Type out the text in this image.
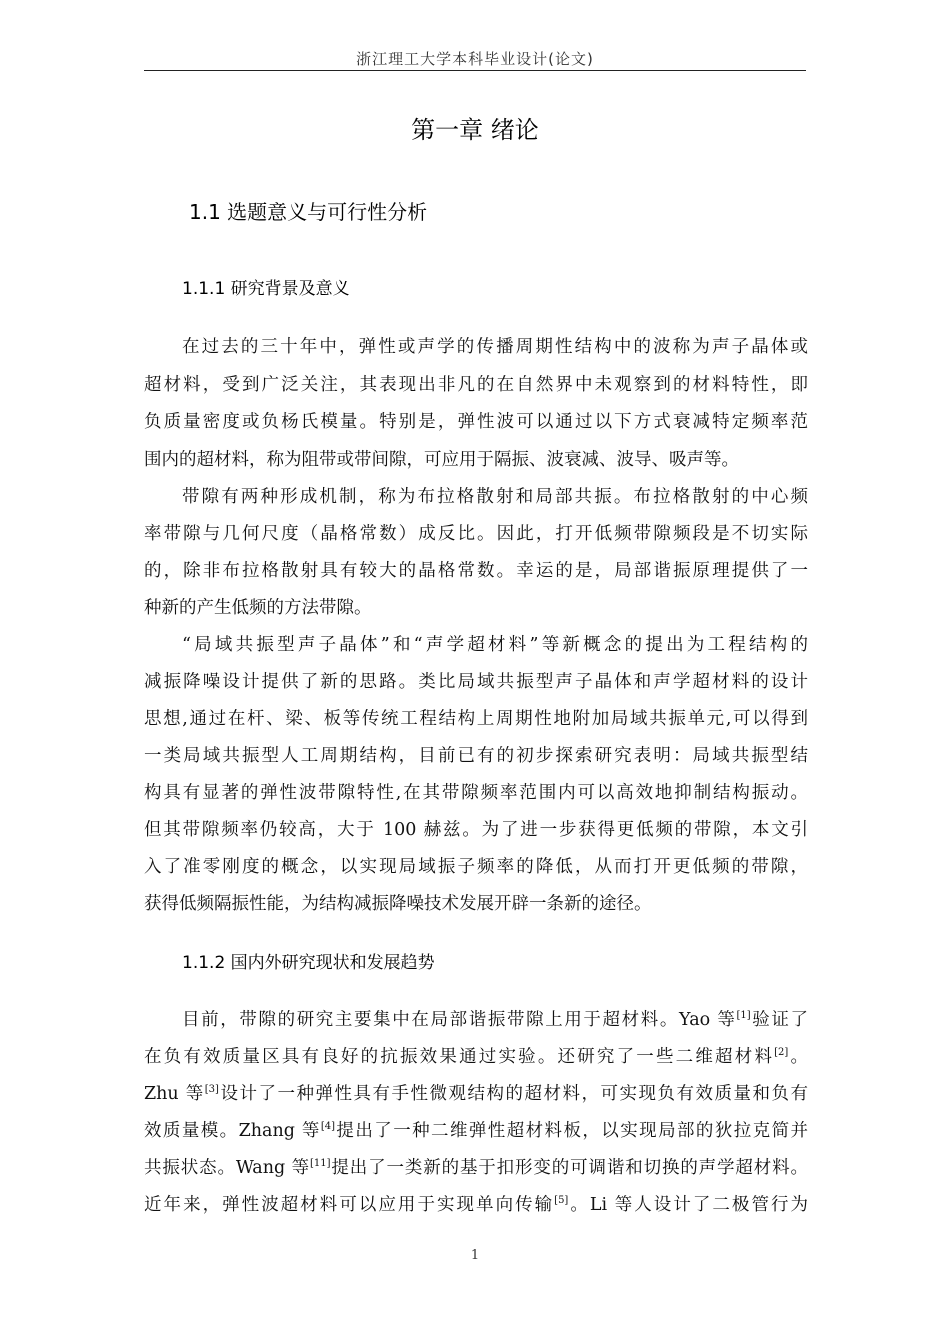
浙江理工大学本科毕业设计(论文)
第一章 绪论
1.1 选题意义与可行性分析
1.1.1 研究背景及意义
在过去的三十年中，弹性或声学的传播周期性结构中的波称为声子晶体或
超材料，受到广泛关注，其表现出非凡的在自然界中未观察到的材料特性，即
负质量密度或负杨氏模量。特别是，弹性波可以通过以下方式衰减特定频率范
围内的超材料，称为阻带或带间隙，可应用于隔振、波衰减、波导、吸声等。
带隙有两种形成机制，称为布拉格散射和局部共振。布拉格散射的中心频
率带隙与几何尺度（晶格常数）成反比。因此，打开低频带隙频段是不切实际
的，除非布拉格散射具有较大的晶格常数。幸运的是，局部谐振原理提供了一
种新的产生低频的方法带隙。
“局域共振型声子晶体”和“声学超材料”等新概念的提出为工程结构的
减振降噪设计提供了新的思路。类比局域共振型声子晶体和声学超材料的设计
思想,通过在杆、梁、板等传统工程结构上周期性地附加局域共振单元,可以得到
一类局域共振型人工周期结构，目前已有的初步探索研究表明：局域共振型结
构具有显著的弹性波带隙特性,在其带隙频率范围内可以高效地抑制结构振动。
但其带隙频率仍较高，大于 100 赫兹。为了进一步获得更低频的带隙，本文引
入了准零刚度的概念，以实现局域振子频率的降低，从而打开更低频的带隙，
获得低频隔振性能，为结构减振降噪技术发展开辟一条新的途径。
1.1.2 国内外研究现状和发展趋势
目前，带隙的研究主要集中在局部谐振带隙上用于超材料。Yao 等[1]验证了
在负有效质量区具有良好的抗振效果通过实验。还研究了一些二维超材料[2]。
Zhu 等[3]设计了一种弹性具有手性微观结构的超材料，可实现负有效质量和负有
效质量模。Zhang 等[4]提出了一种二维弹性超材料板，以实现局部的狄拉克简并
共振状态。Wang 等[11]提出了一类新的基于扣形变的可调谐和切换的声学超材料。
近年来，弹性波超材料可以应用于实现单向传输[5]。Li 等人设计了二极管行为
1
